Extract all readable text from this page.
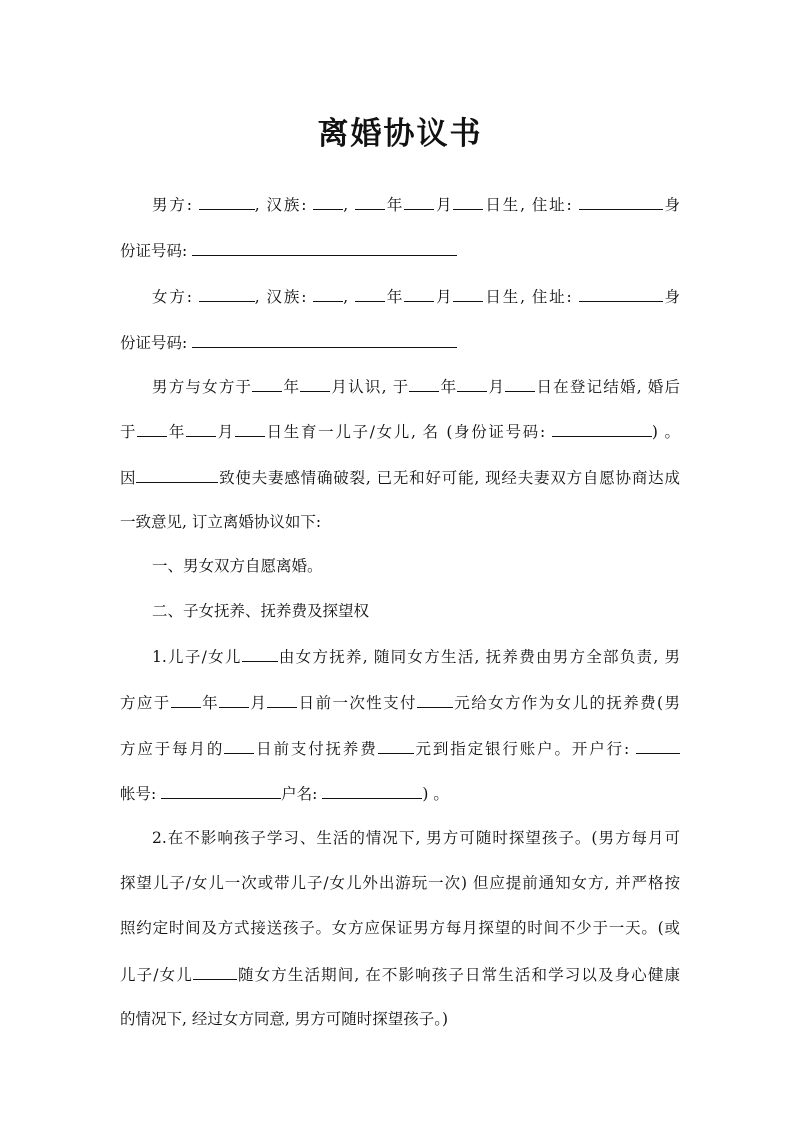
离婚协议书
男方:	, 汉族: , 年 月 日生, 住址:	身
份证号码:
女方:	, 汉族: , 年 月 日生, 住址:	身
份证号码:
男方与女方于 年 月认识, 于 年 月 日在登记结婚, 婚后
于 年 月 日生育一儿子/女儿, 名 (身份证号码:	) 。
因	致使夫妻感情确破裂, 已无和好可能, 现经夫妻双方自愿协商达成
一致意见, 订立离婚协议如下:
一、男女双方自愿离婚。
二、子女抚养、抚养费及探望权
1.儿子/女儿 由女方抚养, 随同女方生活, 抚养费由男方全部负责, 男
方应于 年 月 日前一次性支付 元给女方作为女儿的抚养费(男
方应于每月的 日前支付抚养费 元到指定银行账户。开户行:
帐号:	户名:	) 。
2.在不影响孩子学习、生活的情况下, 男方可随时探望孩子。(男方每月可
探望儿子/女儿一次或带儿子/女儿外出游玩一次) 但应提前通知女方, 并严格按
照约定时间及方式接送孩子。女方应保证男方每月探望的时间不少于一天。(或
儿子/女儿	随女方生活期间, 在不影响孩子日常生活和学习以及身心健康
的情况下, 经过女方同意, 男方可随时探望孩子。)
